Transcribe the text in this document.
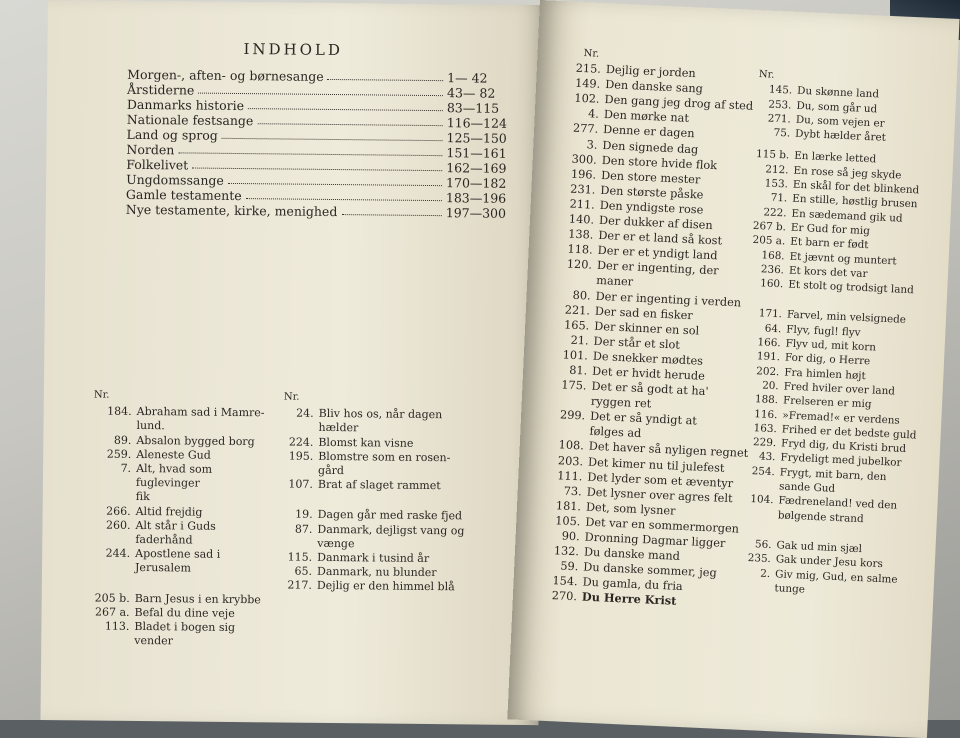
INDHOLD
Morgen-, aften- og børnesange	1— 42
Årstiderne	43— 82
Danmarks historie	83—115
Nationale festsange	116—124
Land og sprog	125—150
Norden	151—161
Folkelivet	162—169
Ungdomssange	170—182
Gamle testamente	183—196
Nye testamente, kirke, menighed	197—300
Nr.
184. Abraham sad i Mamre-
lund.
89. Absalon bygged borg
259. Aleneste Gud
7. Alt, hvad som fuglevinger
fik
266. Altid frejdig
260. Alt står i Guds faderhånd
244. Apostlene sad i Jerusalem
205 b. Barn Jesus i en krybbe
267 a. Befal du dine veje
113. Bladet i bogen sig vender
Nr.
24. Bliv hos os, når dagen
hælder
224. Blomst kan visne
195. Blomstre som en rosen-
gård
107. Brat af slaget rammet
19. Dagen går med raske fjed
87. Danmark, dejligst vang og
vænge
115. Danmark i tusind år
65. Danmark, nu blunder
217. Dejlig er den himmel blå
Nr.
215. Dejlig er jorden
149. Den danske sang
102. Den gang jeg drog af sted
4. Den mørke nat
277. Denne er dagen
3. Den signede dag
300. Den store hvide flok
196. Den store mester
231. Den største påske
211. Den yndigste rose
140. Der dukker af disen
138. Der er et land så kost
118. Der er et yndigt land
120. Der er ingenting, der
maner
80. Der er ingenting i verden
221. Der sad en fisker
165. Der skinner en sol
21. Der står et slot
101. De snekker mødtes
81. Det er hvidt herude
175. Det er så godt at ha'
ryggen ret
299. Det er så yndigt at
følges ad
108. Det haver så nyligen regnet
203. Det kimer nu til julefest
111. Det lyder som et æventyr
73. Det lysner over agres felt
181. Det, som lysner
105. Det var en sommermorgen
90. Dronning Dagmar ligger
132. Du danske mand
59. Du danske sommer, jeg
154. Du gamla, du fria
270. Du Herre Krist
Nr.
145. Du skønne land
253. Du, som går ud
271. Du, som vejen er
75. Dybt hælder året
115 b. En lærke letted
212. En rose så jeg skyde
153. En skål for det blinkend
71. En stille, høstlig brusen
222. En sædemand gik ud
267 b. Er Gud for mig
205 a. Et barn er født
168. Et jævnt og muntert
236. Et kors det var
160. Et stolt og trodsigt land
171. Farvel, min velsignede
64. Flyv, fugl! flyv
166. Flyv ud, mit korn
191. For dig, o Herre
202. Fra himlen højt
20. Fred hviler over land
188. Frelseren er mig
116. »Fremad!« er verdens
163. Frihed er det bedste guld
229. Fryd dig, du Kristi brud
43. Frydeligt med jubelkor
254. Frygt, mit barn, den
sande Gud
104. Fædreneland! ved den
bølgende strand
56. Gak ud min sjæl
235. Gak under Jesu kors
2. Giv mig, Gud, en salme
tunge
